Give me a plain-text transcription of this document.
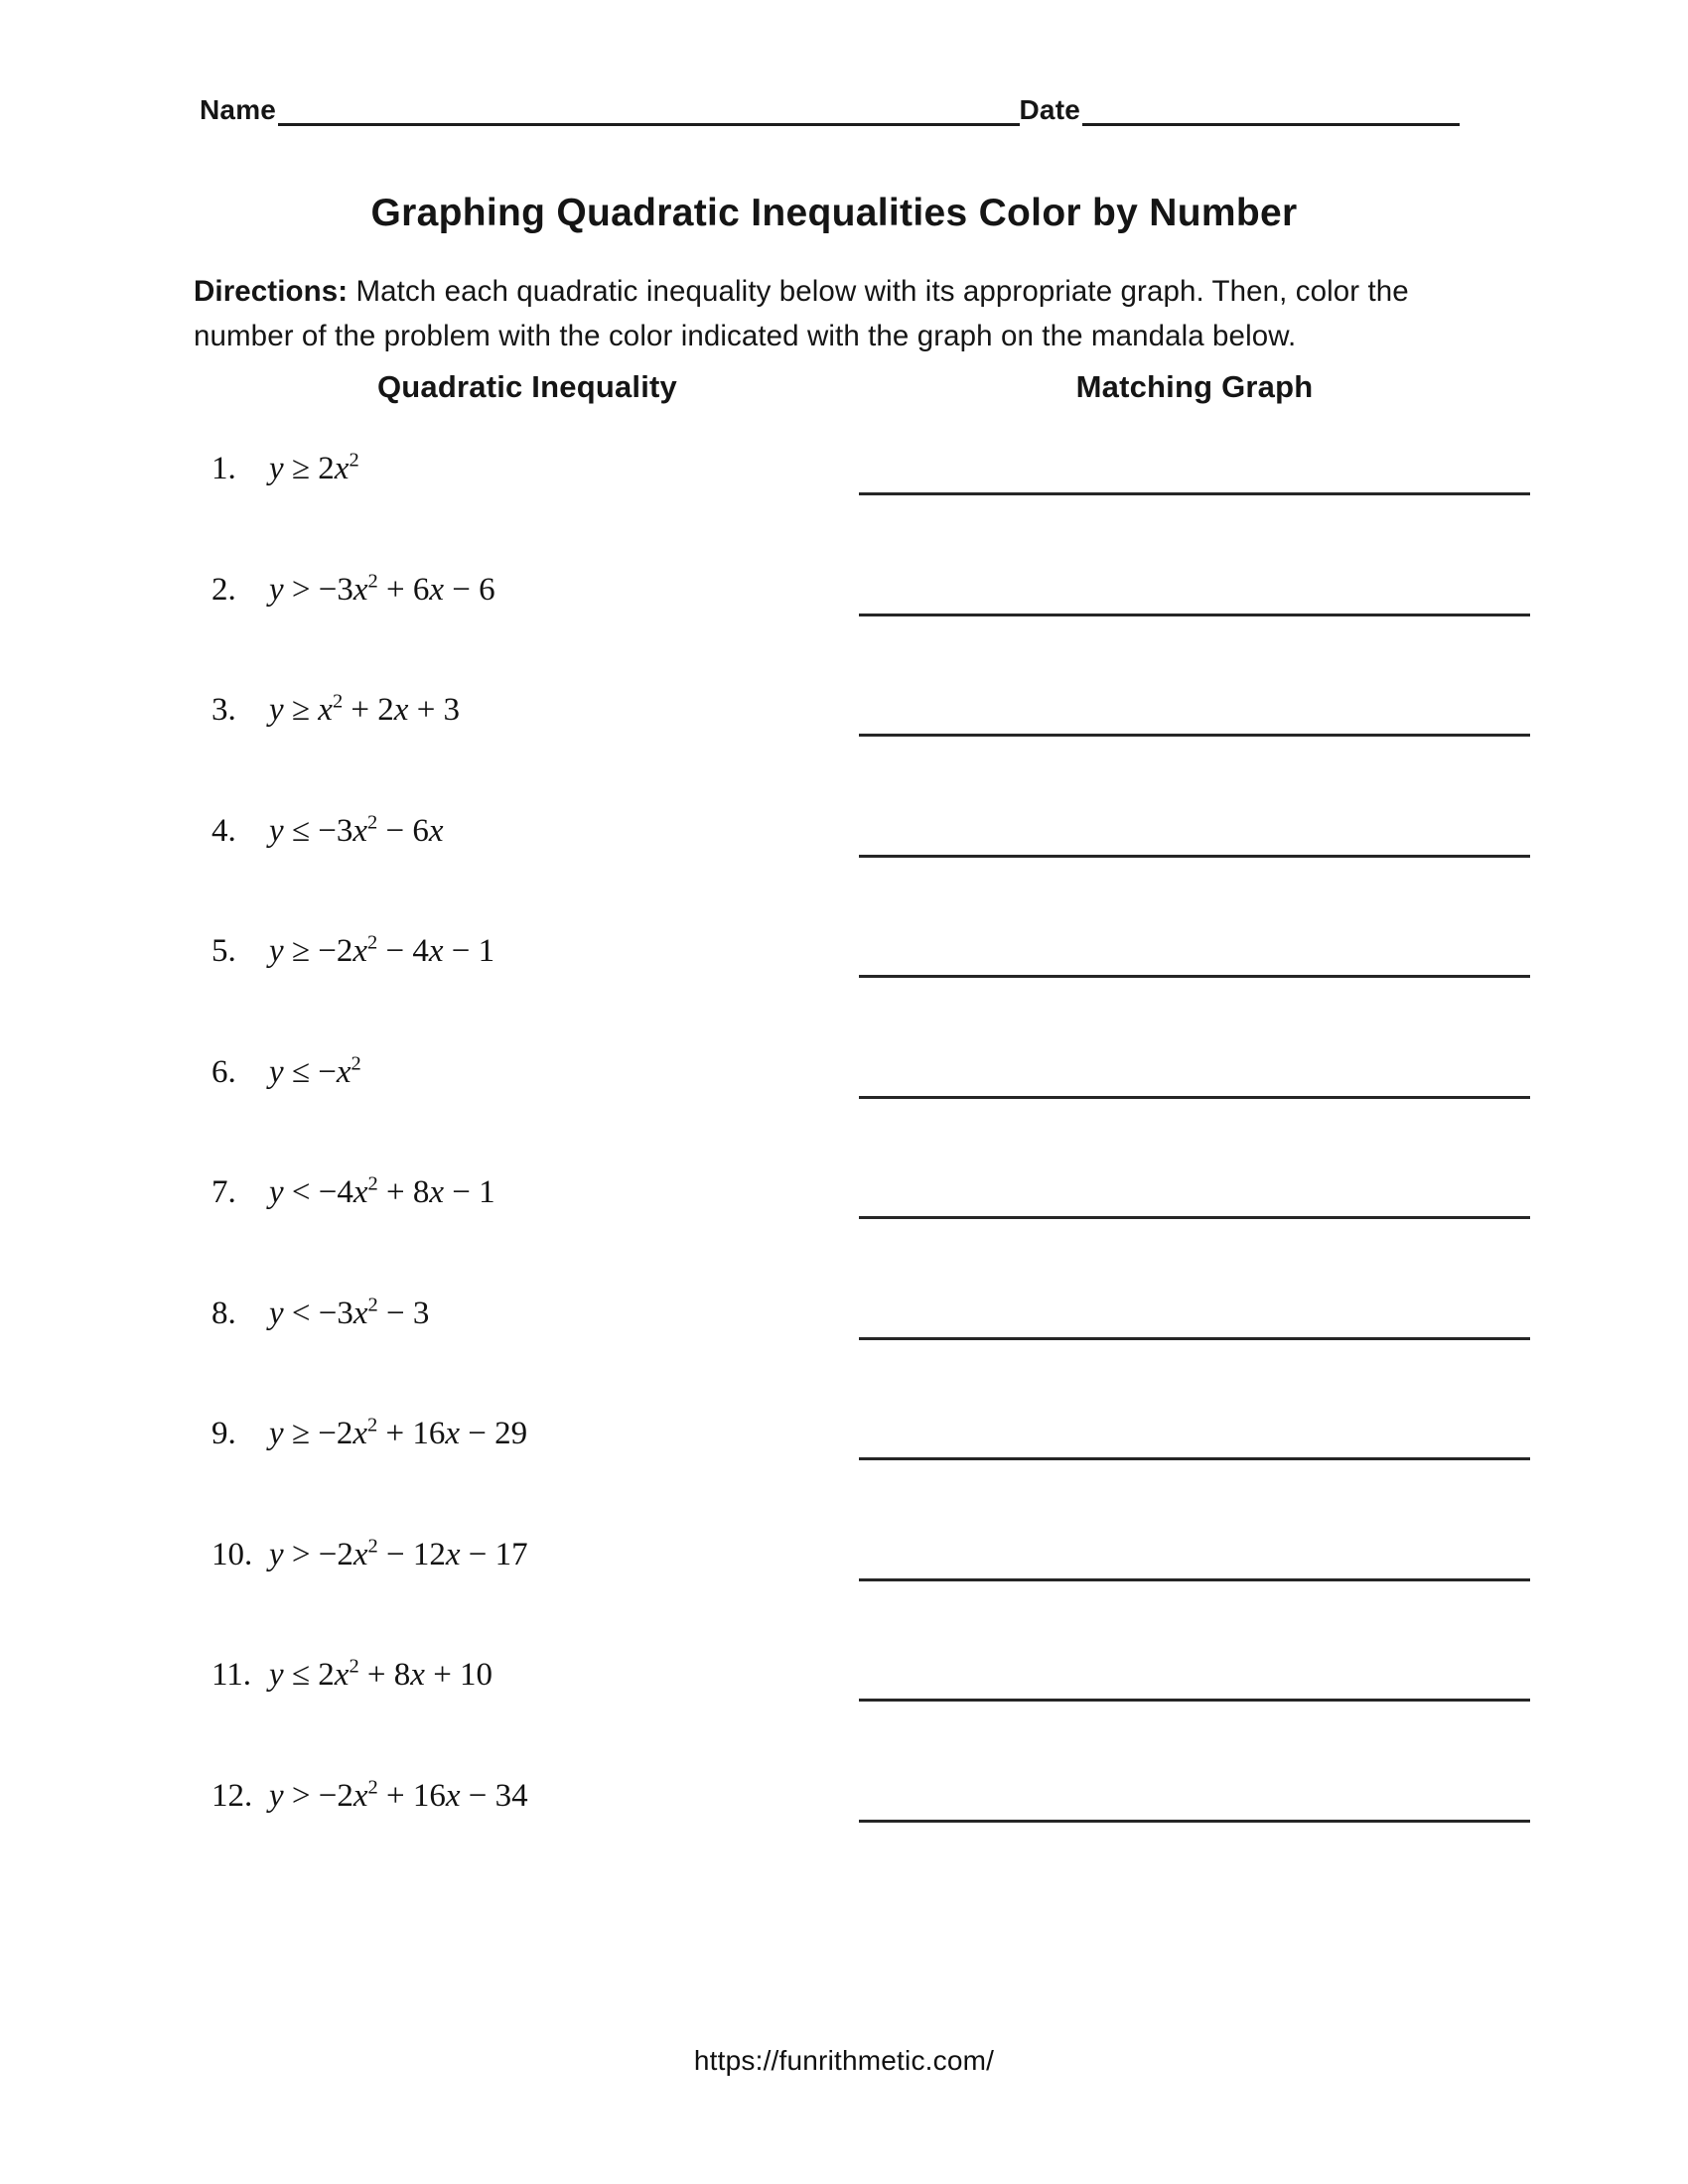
Name	Date
Graphing Quadratic Inequalities Color by Number
Directions: Match each quadratic inequality below with its appropriate graph. Then, color the
number of the problem with the color indicated with the graph on the mandala below.
Quadratic Inequality	Matching Graph
1. $y \ge 2x^2$
2. $y > -3x^2 + 6x - 6$
3. $y \ge x^2 + 2x + 3$
4. $y \le -3x^2 - 6x$
5. $y \ge -2x^2 - 4x - 1$
6. $y \le -x^2$
7. $y < -4x^2 + 8x - 1$
8. $y < -3x^2 - 3$
9. $y \ge -2x^2 + 16x - 29$
10. $y > -2x^2 - 12x - 17$
11. $y \le 2x^2 + 8x + 10$
12. $y > -2x^2 + 16x - 34$
https://funrithmetic.com/
